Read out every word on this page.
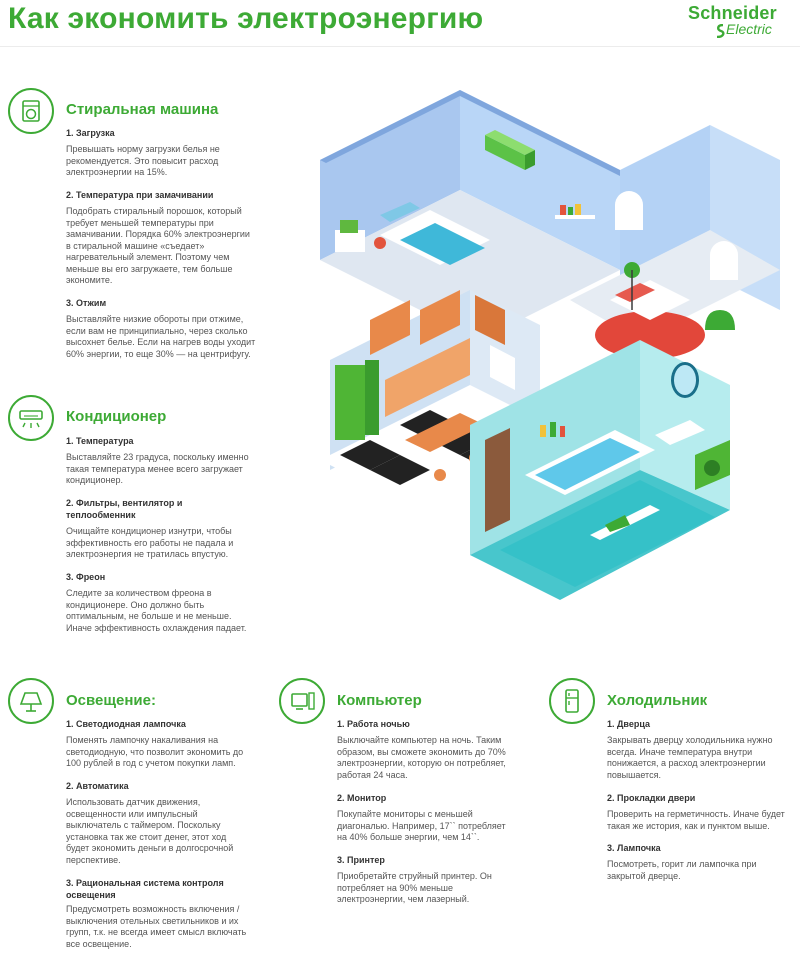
Как экономить электроэнергию	Schneider
Electric
Стиральная машина

1. Загрузка

Превышать норму загрузки белья не рекомендуется. Это повысит расход электроэнергии на 15%.

2. Температура при замачивании

Подобрать стиральный порошок, который требует меньшей температуры при замачивании. Порядка 60% электроэнергии в стиральной машине «съедает» нагревательный элемент. Поэтому чем меньше вы его загружаете, тем больше экономите.

3. Отжим

Выставляйте низкие обороты при отжиме, если вам не принципиально, через сколько высохнет белье. Если на нагрев воды уходит 60% энергии, то еще 30% — на центрифугу.

Кондиционер

1. Температура

Выставляйте 23 градуса, поскольку именно такая температура менее всего загружает кондиционер.

2. Фильтры, вентилятор и теплообменник

Очищайте кондиционер изнутри, чтобы эффективность его работы не падала и электроэнергия не тратилась впустую.

3. Фреон

Следите за количеством фреона в кондиционере. Оно должно быть оптимальным, не больше и не меньше. Иначе эффективность охлаждения падает.

Освещение:

1. Светодиодная лампочка

Поменять лампочку накаливания на светодиодную, что позволит экономить до 100 рублей в год с учетом покупки ламп.

2. Автоматика

Использовать датчик движения, освещенности или импульсный выключатель с таймером. Поскольку установка так же стоит денег, этот ход будет экономить деньги в долгосрочной перспективе.

3. Рациональная система контроля освещения

Предусмотреть возможность включения / выключения отельных светильников и их групп, т.к. не всегда имеет смысл включать все освещение.

Компьютер

1. Работа ночью

Выключайте компьютер на ночь. Таким образом, вы сможете экономить до 70% электроэнергии, которую он потребляет, работая 24 часа.

2. Монитор

Покупайте мониторы с меньшей диагональю. Например, 17`` потребляет на 40% больше энергии, чем 14``.

3. Принтер

Приобретайте струйный принтер. Он потребляет на 90% меньше электроэнергии, чем лазерный.

Холодильник

1. Дверца

Закрывать дверцу холодильника нужно всегда. Иначе температура внутри понижается, а расход электроэнергии повышается.

2. Прокладки двери

Проверить на герметичность. Иначе будет такая же история, как и пунктом выше.

3. Лампочка

Посмотреть, горит ли лампочка при закрытой дверце.
